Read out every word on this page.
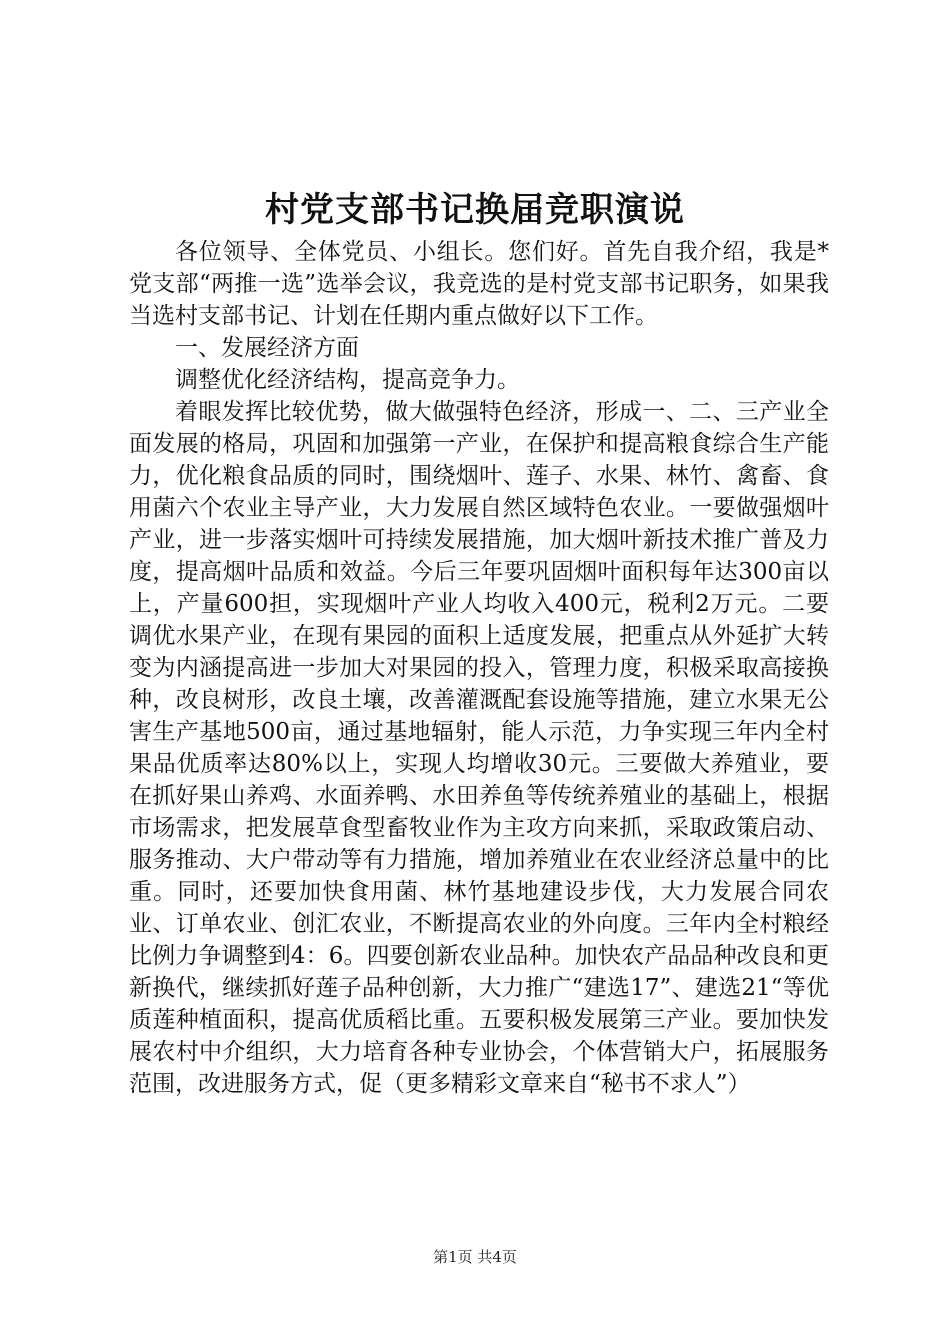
村党支部书记换届竞职演说

各位领导、全体党员、小组长。您们好。首先自我介绍，我是*党支部“两推一选”选举会议，我竞选的是村党支部书记职务，如果我当选村支部书记、计划在任期内重点做好以下工作。

一、发展经济方面

调整优化经济结构，提高竞争力。

着眼发挥比较优势，做大做强特色经济，形成一、二、三产业全面发展的格局，巩固和加强第一产业，在保护和提高粮食综合生产能力，优化粮食品质的同时，围绕烟叶、莲子、水果、林竹、禽畜、食用菌六个农业主导产业，大力发展自然区域特色农业。一要做强烟叶产业，进一步落实烟叶可持续发展措施，加大烟叶新技术推广普及力度，提高烟叶品质和效益。今后三年要巩固烟叶面积每年达300亩以上，产量600担，实现烟叶产业人均收入400元，税利2万元。二要调优水果产业，在现有果园的面积上适度发展，把重点从外延扩大转变为内涵提高进一步加大对果园的投入，管理力度，积极采取高接换种，改良树形，改良土壤，改善灌溉配套设施等措施，建立水果无公害生产基地500亩，通过基地辐射，能人示范，力争实现三年内全村果品优质率达80%以上，实现人均增收30元。三要做大养殖业，要在抓好果山养鸡、水面养鸭、水田养鱼等传统养殖业的基础上，根据市场需求，把发展草食型畜牧业作为主攻方向来抓，采取政策启动、服务推动、大户带动等有力措施，增加养殖业在农业经济总量中的比重。同时，还要加快食用菌、林竹基地建设步伐，大力发展合同农业、订单农业、创汇农业，不断提高农业的外向度。三年内全村粮经比例力争调整到4：6。四要创新农业品种。加快农产品品种改良和更新换代，继续抓好莲子品种创新，大力推广“建选17”、建选21“等优质莲种植面积，提高优质稻比重。五要积极发展第三产业。要加快发展农村中介组织，大力培育各种专业协会，个体营销大户，拓展服务范围，改进服务方式，促（更多精彩文章来自“秘书不求人”）

第1页 共4页
